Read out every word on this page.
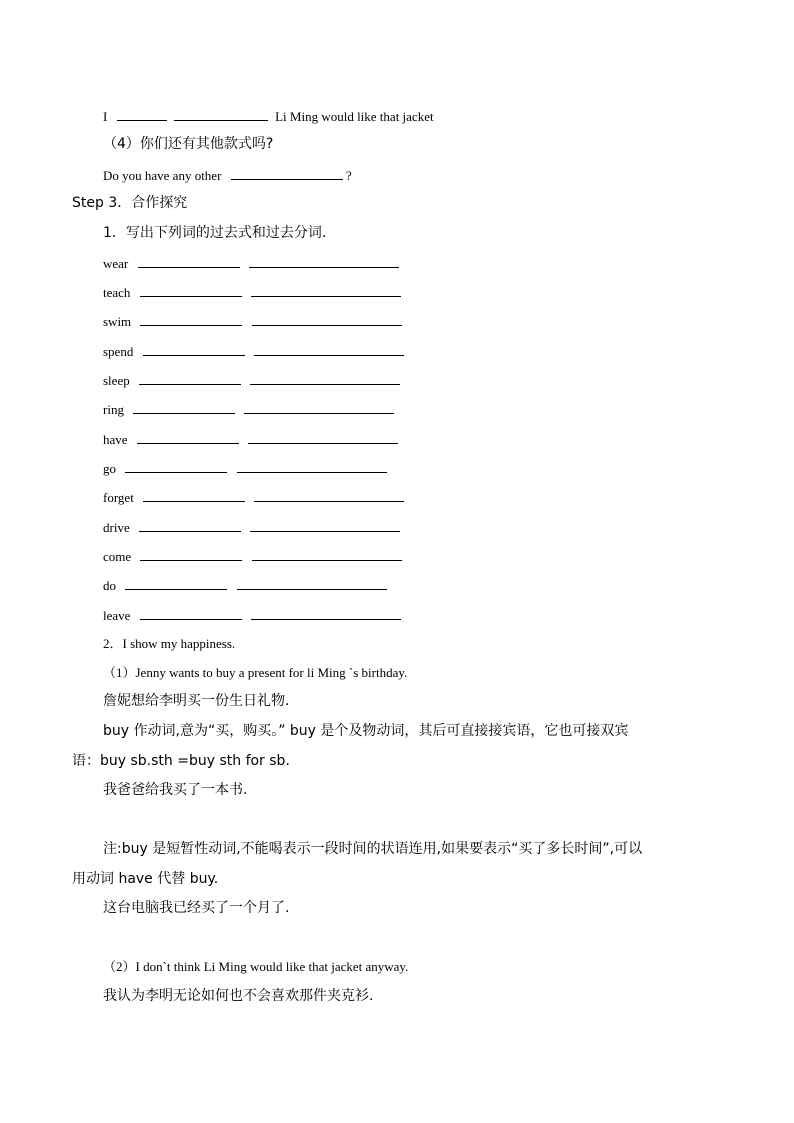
I	Li Ming would like that jacket
（4）你们还有其他款式吗?
Do you have any other	?
Step 3．合作探究
1．写出下列词的过去式和过去分词.
wear
teach
swim
spend
sleep
ring
have
go
forget
drive
come
do
leave
2．I show my happiness.
（1）Jenny wants to buy a present for li Ming `s birthday.
詹妮想给李明买一份生日礼物.
buy 作动词,意为“买，购买。” buy 是个及物动词，其后可直接接宾语，它也可接双宾
语：buy sb.sth =buy sth for sb.
我爸爸给我买了一本书.
注:buy 是短暂性动词,不能喝表示一段时间的状语连用,如果要表示“买了多长时间”,可以
用动词 have 代替 buy.
这台电脑我已经买了一个月了.
（2）I don`t think Li Ming would like that jacket anyway.
我认为李明无论如何也不会喜欢那件夹克衫.
